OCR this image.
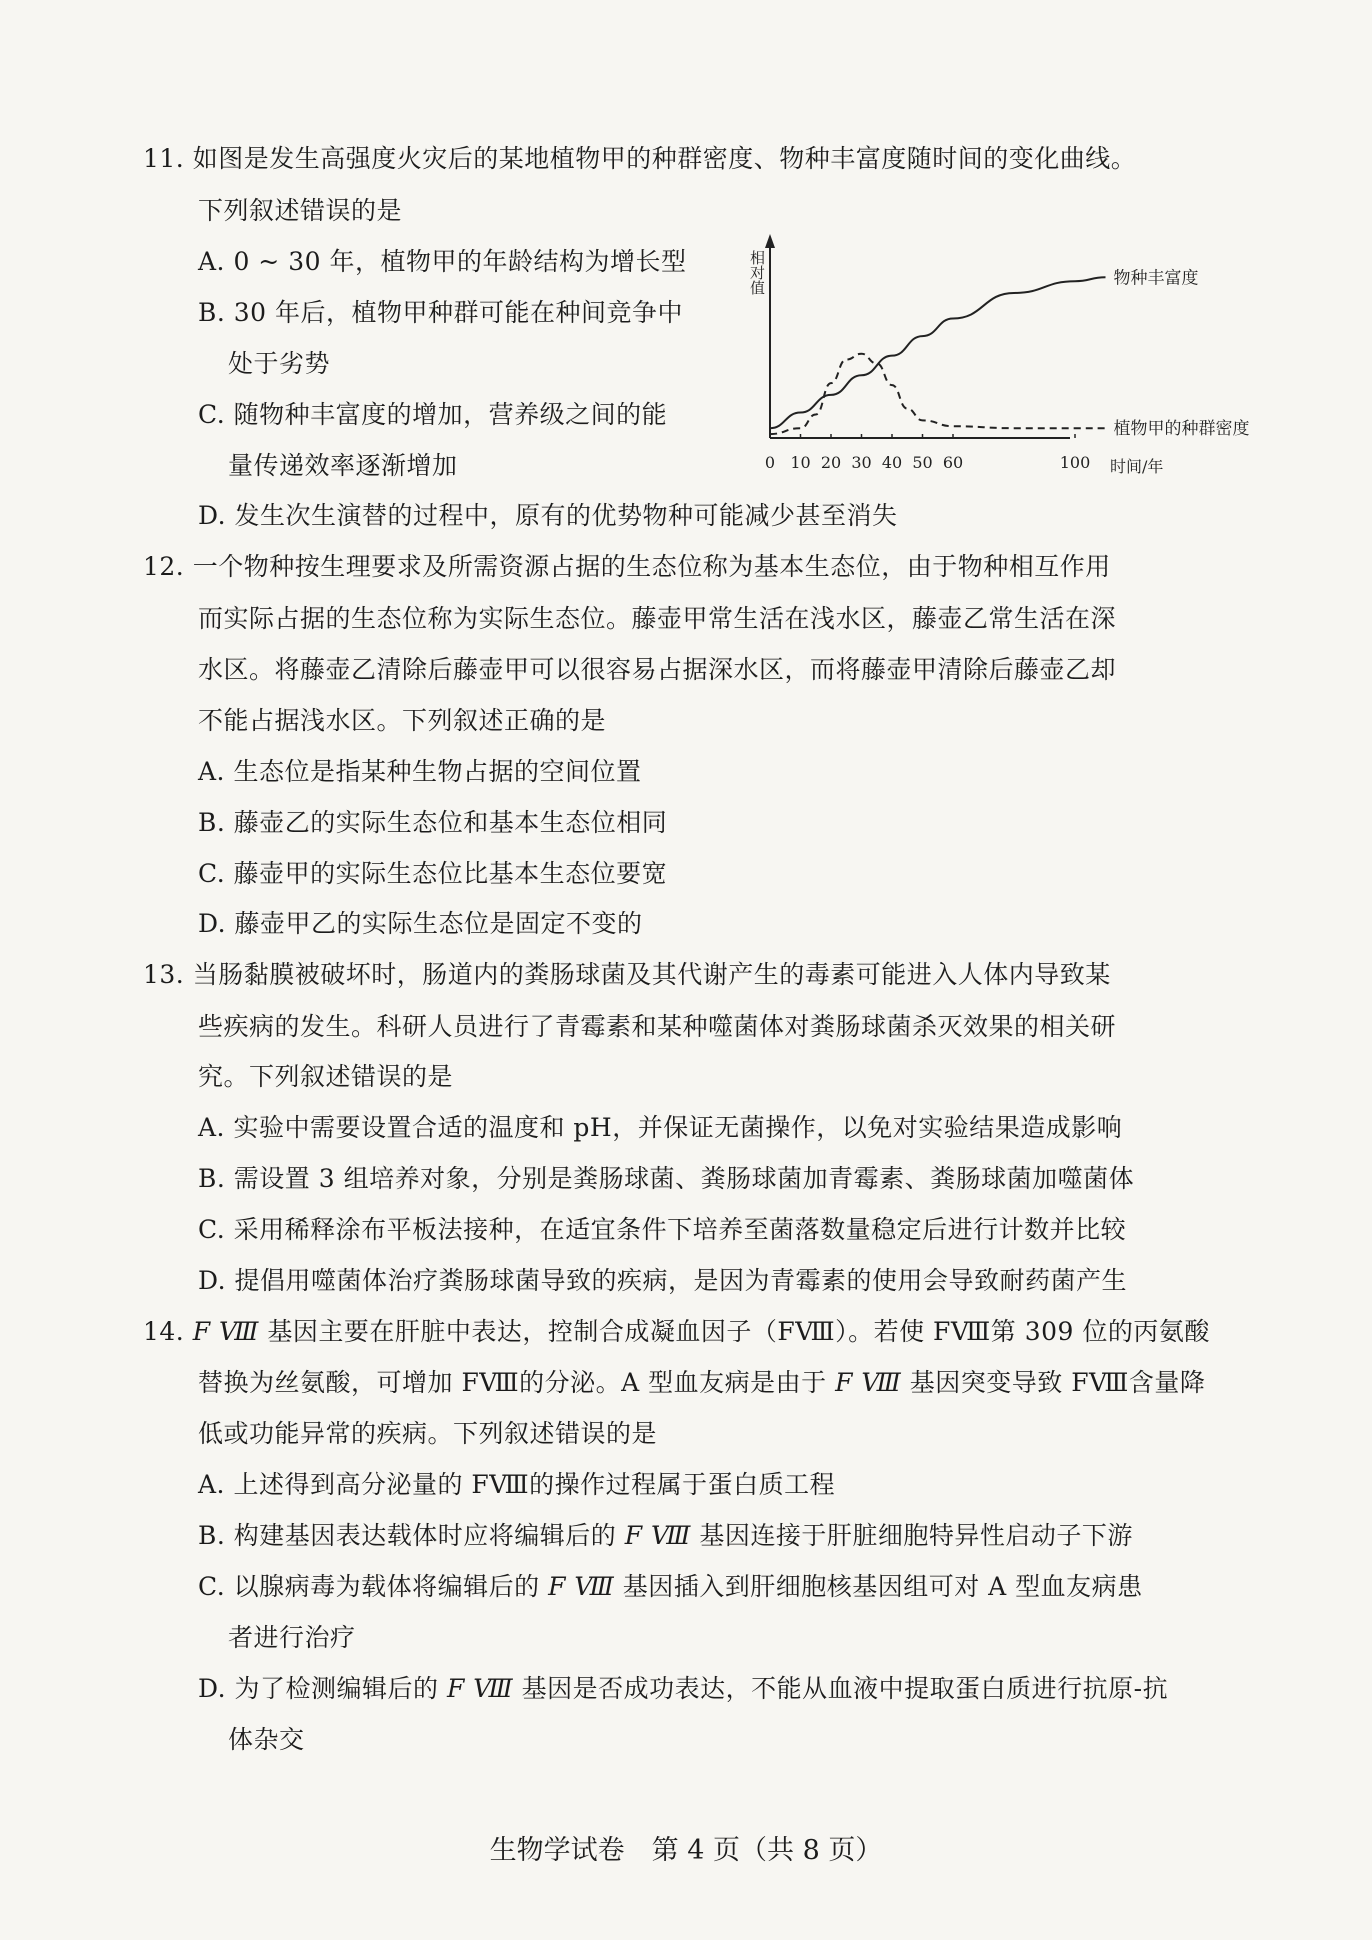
11. 如图是发生高强度火灾后的某地植物甲的种群密度、物种丰富度随时间的变化曲线。

下列叙述错误的是

A. 0 ~ 30 年，植物甲的年龄结构为增长型

B. 30 年后，植物甲种群可能在种间竞争中

处于劣势

C. 随物种丰富度的增加，营养级之间的能

量传递效率逐渐增加

D. 发生次生演替的过程中，原有的优势物种可能减少甚至消失

相对值
时间/年
0 10 20 30 40 50 60	100
物种丰富度
植物甲的种群密度

12. 一个物种按生理要求及所需资源占据的生态位称为基本生态位，由于物种相互作用

而实际占据的生态位称为实际生态位。藤壶甲常生活在浅水区，藤壶乙常生活在深

水区。将藤壶乙清除后藤壶甲可以很容易占据深水区，而将藤壶甲清除后藤壶乙却

不能占据浅水区。下列叙述正确的是

A. 生态位是指某种生物占据的空间位置

B. 藤壶乙的实际生态位和基本生态位相同

C. 藤壶甲的实际生态位比基本生态位要宽

D. 藤壶甲乙的实际生态位是固定不变的

13. 当肠黏膜被破坏时，肠道内的粪肠球菌及其代谢产生的毒素可能进入人体内导致某

些疾病的发生。科研人员进行了青霉素和某种噬菌体对粪肠球菌杀灭效果的相关研

究。下列叙述错误的是

A. 实验中需要设置合适的温度和 pH，并保证无菌操作，以免对实验结果造成影响

B. 需设置 3 组培养对象，分别是粪肠球菌、粪肠球菌加青霉素、粪肠球菌加噬菌体

C. 采用稀释涂布平板法接种，在适宜条件下培养至菌落数量稳定后进行计数并比较

D. 提倡用噬菌体治疗粪肠球菌导致的疾病，是因为青霉素的使用会导致耐药菌产生

14. F Ⅷ 基因主要在肝脏中表达，控制合成凝血因子（FⅧ）。若使 FⅧ第 309 位的丙氨酸

替换为丝氨酸，可增加 FⅧ的分泌。A 型血友病是由于 F Ⅷ 基因突变导致 FⅧ含量降

低或功能异常的疾病。下列叙述错误的是

A. 上述得到高分泌量的 FⅧ的操作过程属于蛋白质工程

B. 构建基因表达载体时应将编辑后的 F Ⅷ 基因连接于肝脏细胞特异性启动子下游

C. 以腺病毒为载体将编辑后的 F Ⅷ 基因插入到肝细胞核基因组可对 A 型血友病患

者进行治疗

D. 为了检测编辑后的 F Ⅷ 基因是否成功表达，不能从血液中提取蛋白质进行抗原-抗

体杂交

生物学试卷　第 4 页（共 8 页）
